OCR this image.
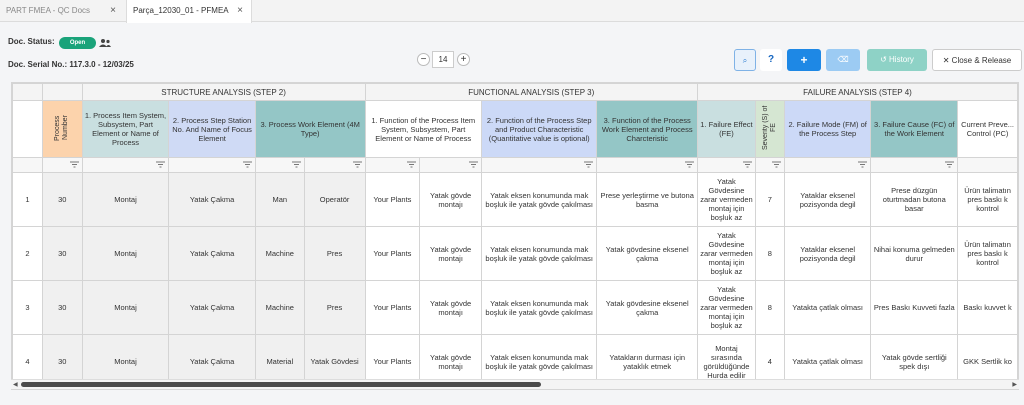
PART FMEA - QC Docs ×	Parça_12030_01 - PFMEA ×
Doc. Status:	Open
Doc. Serial No.: 117.3.0 - 12/03/25	−	14	+	⌕	?	+	⌫	↺ History	✕ Close & Release
		STRUCTURE ANALYSIS (STEP 2)				FUNCTIONAL ANALYSIS (STEP 3)				FAILURE ANALYSIS (STEP 4)				
	Process Number	1. Process Item System, Subsystem, Part Element or Name of Process	2. Process Step Station No. And Name of Focus Element	3. Process Work Element (4M Type)		1. Function of the Process Item System, Subsystem, Part Element or Name of Process		2. Function of the Process Step and Product Characteristic (Quantitative value is optional)	3. Function of the Process Work Element and Process Charcteristic	1. Failure Effect (FE)	Severity (S) of FE	2. Failure Mode (FM) of the Process Step	3. Failure Cause (FC) of the Work Element	Current Preve... Control (PC)

1	30	Montaj	Yatak Çakma	Man	Operatör	Your Plants	Yatak gövde montajı	Yatak eksen konumunda mak boşluk ile yatak gövde çakılması	Prese yerleştirme ve butona basma	Yatak Gövdesine zarar vermeden montaj için boşluk az	7	Yataklar eksenel pozisyonda degil	Prese düzgün oturtmadan butona basar	Ürün talimatın pres baskı k kontrol
2	30	Montaj	Yatak Çakma	Machine	Pres	Your Plants	Yatak gövde montajı	Yatak eksen konumunda mak boşluk ile yatak gövde çakılması	Yatak gövdesine eksenel çakma	Yatak Gövdesine zarar vermeden montaj için boşluk az	8	Yataklar eksenel pozisyonda degil	Nihai konuma gelmeden durur	Ürün talimatın pres baskı k kontrol
3	30	Montaj	Yatak Çakma	Machine	Pres	Your Plants	Yatak gövde montajı	Yatak eksen konumunda mak boşluk ile yatak gövde çakılması	Yatak gövdesine eksenel çakma	Yatak Gövdesine zarar vermeden montaj için boşluk az	8	Yatakta çatlak olması	Pres Baskı Kuvveti fazla	Baskı kuvvet k
4	30	Montaj	Yatak Çakma	Material	Yatak Gövdesi	Your Plants	Yatak gövde montajı	Yatak eksen konumunda mak boşluk ile yatak gövde çakılması	Yatakların durması için yataklık etmek	Montaj sırasında görüldüğünde Hurda edilir	4	Yatakta çatlak olması	Yatak gövde sertliği spek dışı	GKK Sertlik ko
◀	▶
